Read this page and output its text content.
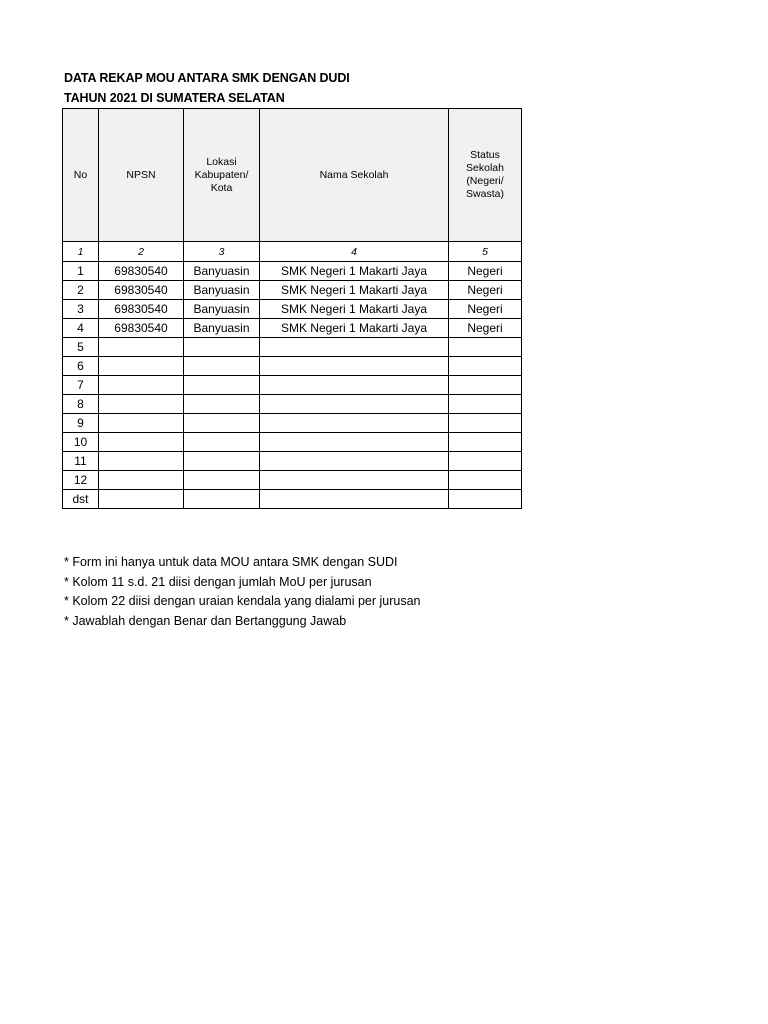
DATA REKAP MOU ANTARA SMK DENGAN DUDI
TAHUN 2021 DI SUMATERA SELATAN
No	NPSN	Lokasi Kabupaten/ Kota	Nama Sekolah	Status Sekolah (Negeri/ Swasta)
1	2	3	4	5
1	69830540	Banyuasin	SMK Negeri 1 Makarti Jaya	Negeri
2	69830540	Banyuasin	SMK Negeri 1 Makarti Jaya	Negeri
3	69830540	Banyuasin	SMK Negeri 1 Makarti Jaya	Negeri
4	69830540	Banyuasin	SMK Negeri 1 Makarti Jaya	Negeri
5				
6				
7				
8				
9				
10				
11				
12				
dst				
* Form ini hanya untuk data MOU antara SMK dengan SUDI
* Kolom 11 s.d. 21 diisi dengan jumlah MoU per jurusan
* Kolom 22 diisi dengan uraian kendala yang dialami per jurusan
* Jawablah dengan Benar dan Bertanggung Jawab
